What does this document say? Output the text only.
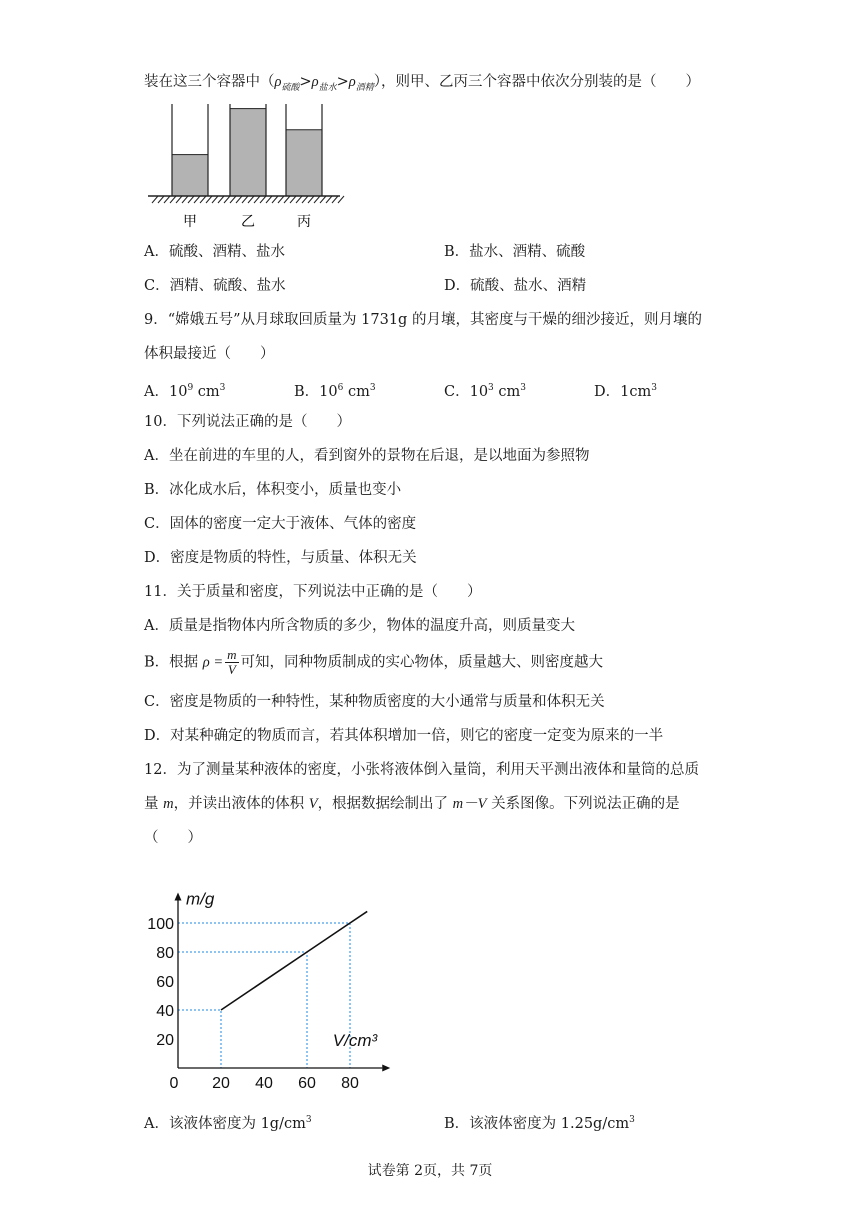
装在这三个容器中$(\rho_{硫酸}>\rho_{盐水}>\rho_{酒精})$，则甲、乙丙三个容器中依次分别装的是（　　）
甲	乙	丙
A．硫酸、酒精、盐水	B．盐水、酒精、硫酸
C．酒精、硫酸、盐水	D．硫酸、盐水、酒精
9．“嫦娥五号”从月球取回质量为 1731g 的月壤，其密度与干燥的细沙接近，则月壤的
体积最接近（　　）
A．$10^9$ $cm^3$	B．$10^6$ $cm^3$	C．$10^3$ $cm^3$	D．$1cm^3$
10．下列说法正确的是（　　）
A．坐在前进的车里的人，看到窗外的景物在后退，是以地面为参照物
B．冰化成水后，体积变小，质量也变小
C．固体的密度一定大于液体、气体的密度
D．密度是物质的特性，与质量、体积无关
11．关于质量和密度，下列说法中正确的是（　　）
A．质量是指物体内所含物质的多少，物体的温度升高，则质量变大
B．根据 $\rho = \frac{m}{V}$ 可知，同种物质制成的实心物体，质量越大、则密度越大
C．密度是物质的一种特性，某种物质密度的大小通常与质量和体积无关
D．对某种确定的物质而言，若其体积增加一倍，则它的密度一定变为原来的一半
12．为了测量某种液体的密度，小张将液体倒入量筒，利用天平测出液体和量筒的总质
量 m，并读出液体的体积 V，根据数据绘制出了 m－V 关系图像。下列说法正确的是
（　　）
0 20 40 60 80
20
40
60
80
100
m/g
V/cm³
A．该液体密度为 $1g/cm^3$	B．该液体密度为 $1.25g/cm^3$
试卷第 2页，共 7页
